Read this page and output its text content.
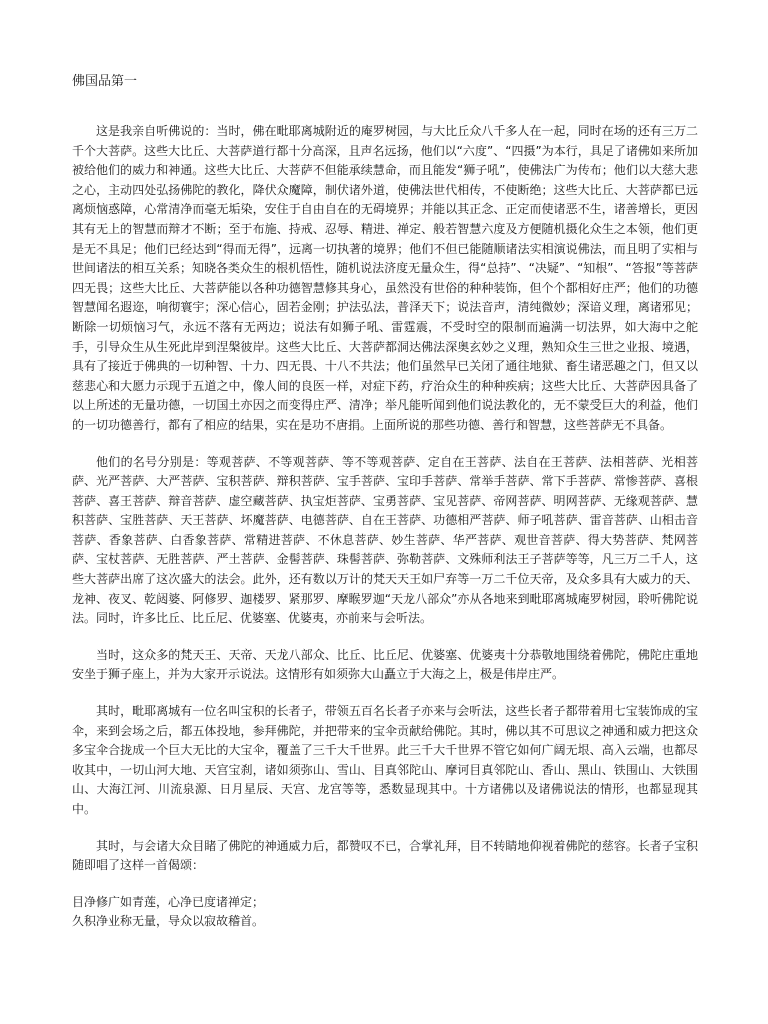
佛国品第一

这是我亲自听佛说的：当时，佛在毗耶离城附近的庵罗树园，与大比丘众八千多人在一起，同时在场的还有三万二千个大菩萨。这些大比丘、大菩萨道行都十分高深，且声名远扬，他们以“六度”、“四摄”为本行，具足了诸佛如来所加被给他们的威力和神通。这些大比丘、大菩萨不但能承续慧命，而且能发“狮子吼”，使佛法广为传布；他们以大慈大悲之心，主动四处弘扬佛陀的教化，降伏众魔障，制伏诸外道，使佛法世代相传，不使断绝；这些大比丘、大菩萨都已远离烦恼惑障，心常清净而毫无垢染，安住于自由自在的无碍境界；并能以其正念、正定而使诸恶不生，诸善增长，更因其有无上的智慧而辩才不断；至于布施、持戒、忍辱、精进、禅定、般若智慧六度及方便随机摄化众生之本领，他们更是无不具足；他们已经达到“得而无得”，远离一切执著的境界；他们不但已能随顺诸法实相演说佛法，而且明了实相与世间诸法的相互关系；知晓各类众生的根机悟性，随机说法济度无量众生，得“总持”、“决疑”、“知根”、“答报”等菩萨四无畏；这些大比丘、大菩萨能以各种功德智慧修其身心，虽然没有世俗的种种装饰，但个个都相好庄严；他们的功德智慧闻名遐迩，响彻寰宇；深心信心，固若金刚；护法弘法，普泽天下；说法音声，清纯微妙；深谙义理，离诸邪见；断除一切烦恼习气，永远不落有无两边；说法有如狮子吼、雷霆震，不受时空的限制而遍满一切法界，如大海中之舵手，引导众生从生死此岸到涅槃彼岸。这些大比丘、大菩萨都洞达佛法深奥玄妙之义理，熟知众生三世之业报、境遇，具有了接近于佛典的一切种智、十力、四无畏、十八不共法；他们虽然早已关闭了通往地狱、畜生诸恶趣之门，但又以慈悲心和大愿力示现于五道之中，像人间的良医一样，对症下药，疗治众生的种种疾病；这些大比丘、大菩萨因具备了以上所述的无量功德，一切国土亦因之而变得庄严、清净；举凡能听闻到他们说法教化的，无不蒙受巨大的利益，他们的一切功德善行，都有了相应的结果，实在是功不唐捐。上面所说的那些功德、善行和智慧，这些菩萨无不具备。

他们的名号分别是：等观菩萨、不等观菩萨、等不等观菩萨、定自在王菩萨、法自在王菩萨、法相菩萨、光相菩萨、光严菩萨、大严菩萨、宝积菩萨、辩积菩萨、宝手菩萨、宝印手菩萨、常举手菩萨、常下手菩萨、常惨菩萨、喜根菩萨、喜王菩萨、辩音菩萨、虚空藏菩萨、执宝炬菩萨、宝勇菩萨、宝见菩萨、帝网菩萨、明网菩萨、无缘观菩萨、慧积菩萨、宝胜菩萨、天王菩萨、坏魔菩萨、电德菩萨、自在王菩萨、功德相严菩萨、师子吼菩萨、雷音菩萨、山相击音菩萨、香象菩萨、白香象菩萨、常精进菩萨、不休息菩萨、妙生菩萨、华严菩萨、观世音菩萨、得大势菩萨、梵网菩萨、宝杖菩萨、无胜菩萨、严土菩萨、金髻菩萨、珠髻菩萨、弥勒菩萨、文殊师利法王子菩萨等等，凡三万二千人，这些大菩萨出席了这次盛大的法会。此外，还有数以万计的梵天天王如尸弃等一万二千位天帝，及众多具有大威力的天、龙神、夜叉、乾闼婆、阿修罗、迦楼罗、紧那罗、摩睺罗迦“天龙八部众”亦从各地来到毗耶离城庵罗树园，聆听佛陀说法。同时，许多比丘、比丘尼、优婆塞、优婆夷，亦前来与会听法。

当时，这众多的梵天王、天帝、天龙八部众、比丘、比丘尼、优婆塞、优婆夷十分恭敬地围绕着佛陀，佛陀庄重地安坐于狮子座上，并为大家开示说法。这情形有如须弥大山矗立于大海之上，极是伟岸庄严。

其时，毗耶离城有一位名叫宝积的长者子，带领五百名长者子亦来与会听法，这些长者子都带着用七宝装饰成的宝伞，来到会场之后，都五体投地，参拜佛陀，并把带来的宝伞贡献给佛陀。其时，佛以其不可思议之神通和威力把这众多宝伞合拢成一个巨大无比的大宝伞，覆盖了三千大千世界。此三千大千世界不管它如何广阔无垠、高入云端，也都尽收其中，一切山河大地、天宫宝刹，诸如须弥山、雪山、目真邻陀山、摩诃目真邻陀山、香山、黑山、铁围山、大铁围山、大海江河、川流泉源、日月星辰、天宫、龙宫等等，悉数显现其中。十方诸佛以及诸佛说法的情形，也都显现其中。

其时，与会诸大众目睹了佛陀的神通威力后，都赞叹不已，合掌礼拜，目不转睛地仰视着佛陀的慈容。长者子宝积随即唱了这样一首偈颂：

目净修广如青莲，心净已度诸禅定；

久积净业称无量，导众以寂故稽首。
